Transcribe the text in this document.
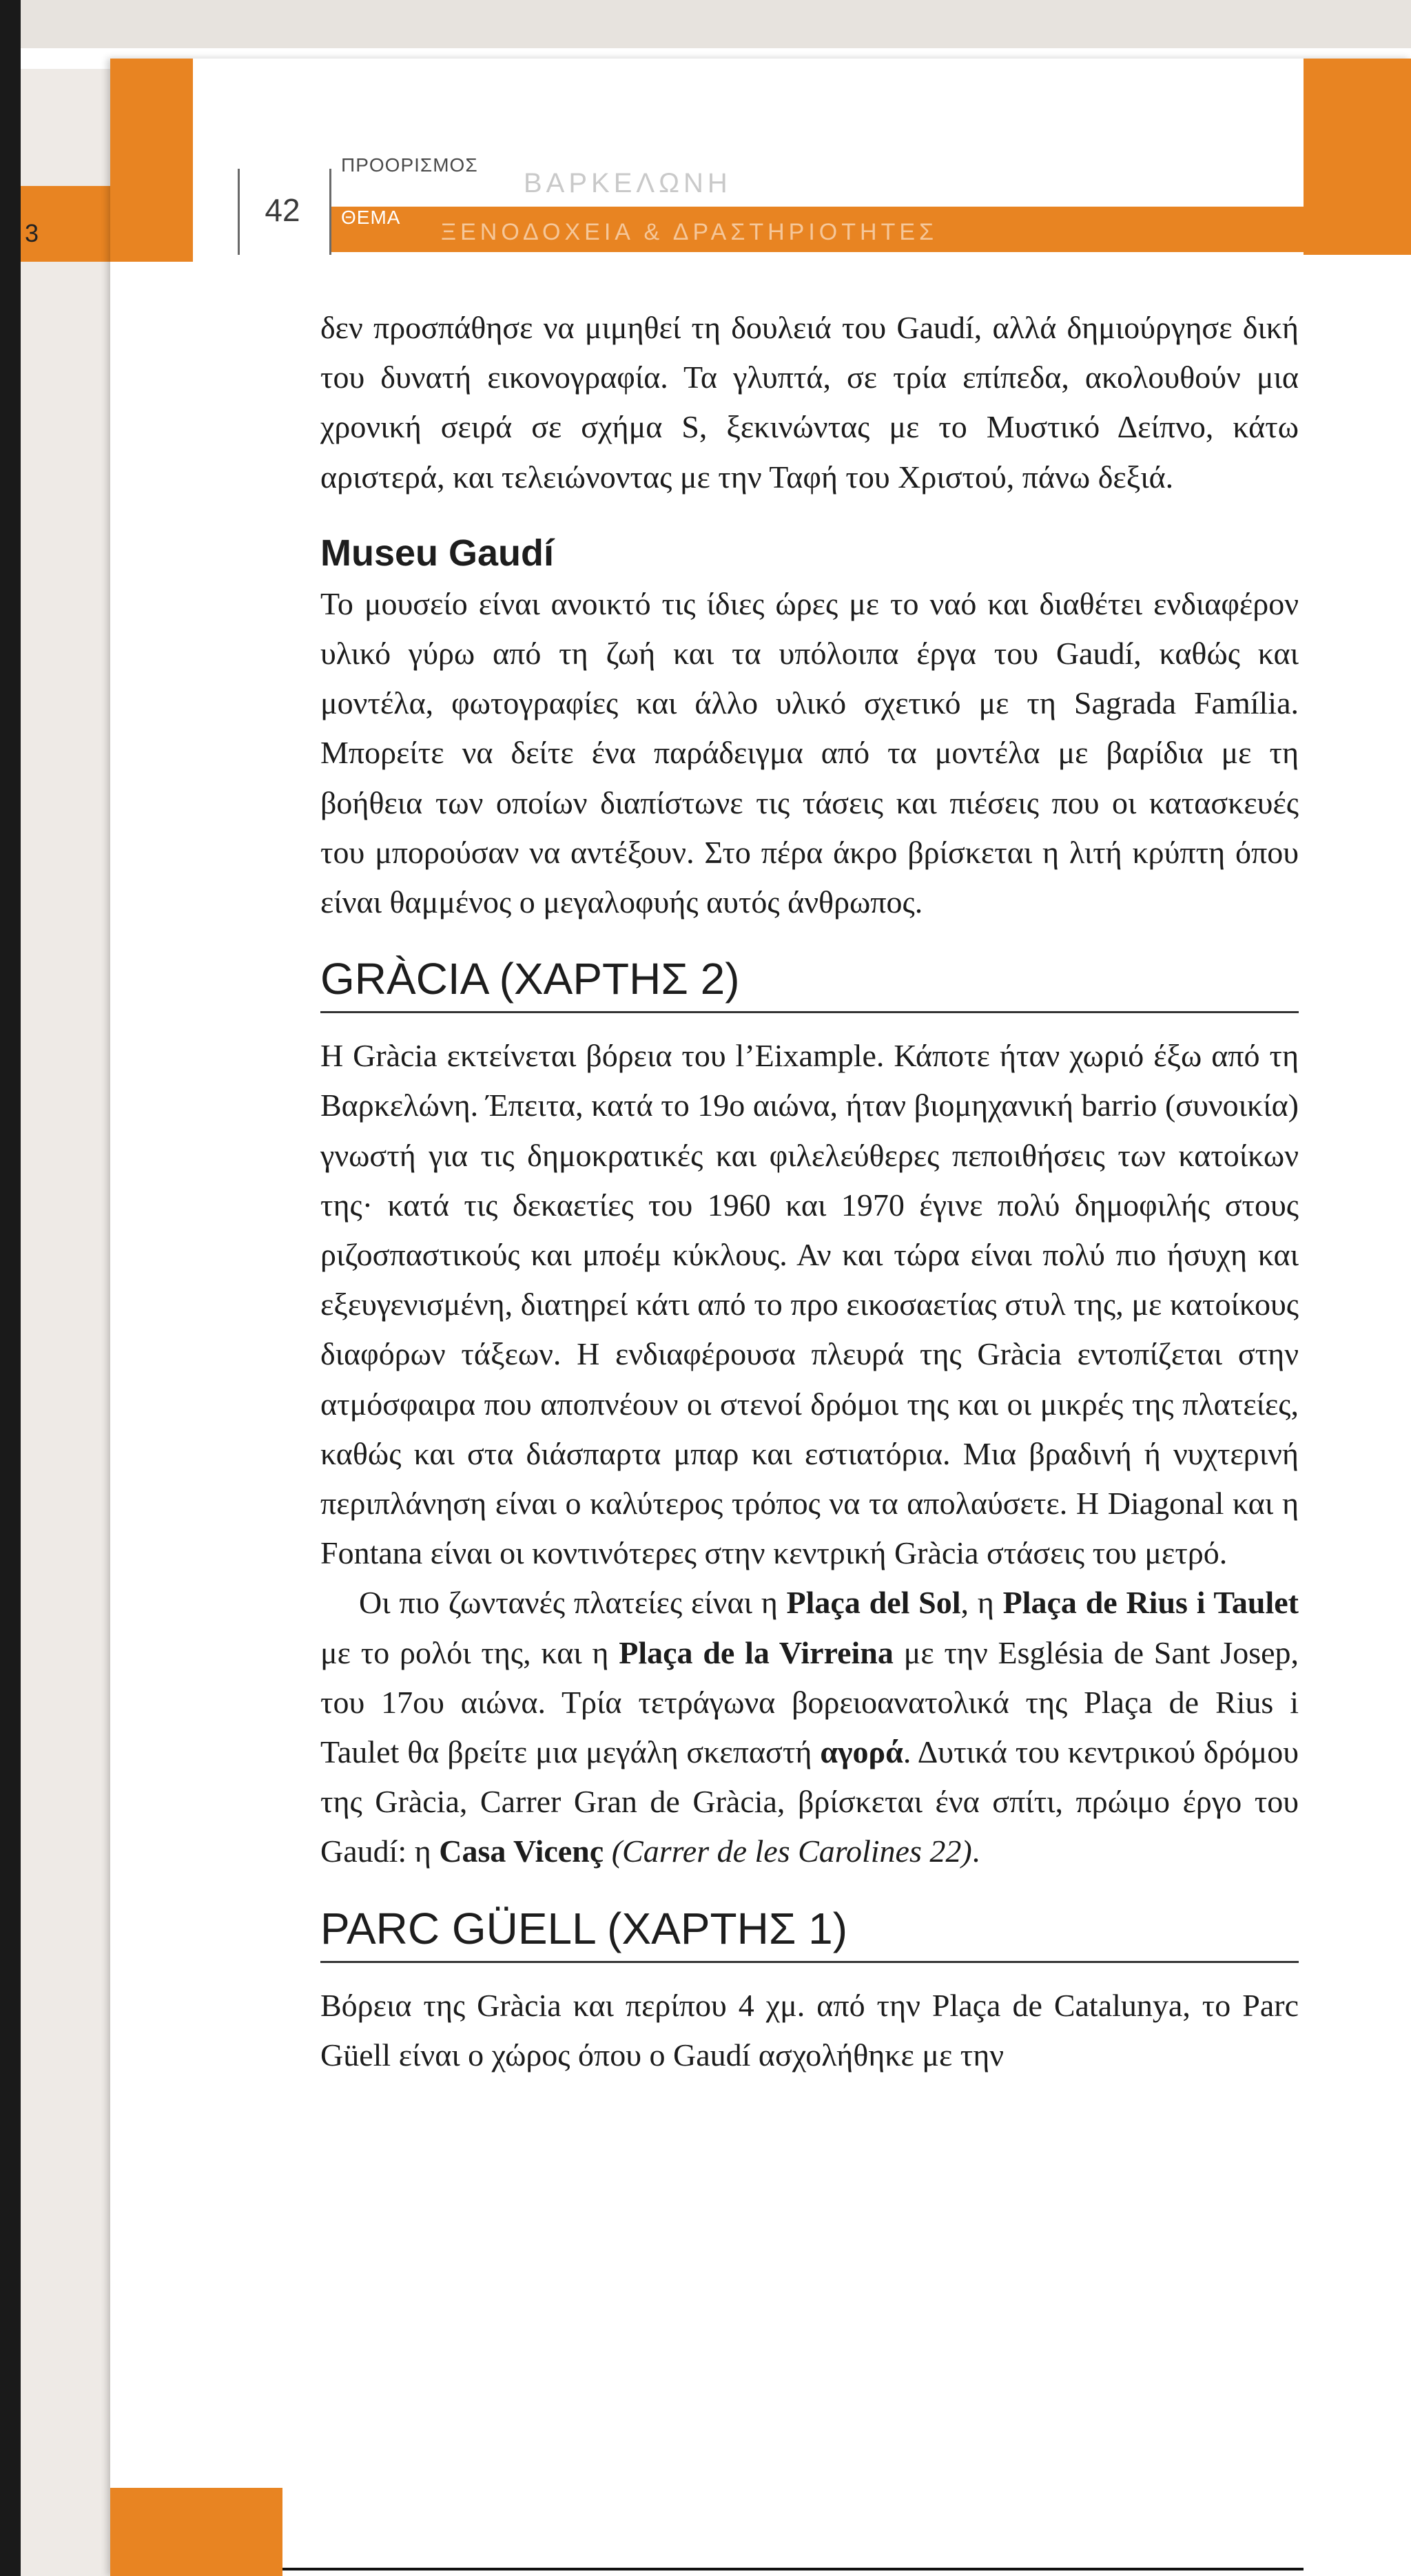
3
42
ΠΡΟΟΡΙΣΜΟΣ
ΘΕΜΑ
ΒΑΡΚΕΛΩΝΗ
ΞΕΝΟΔΟΧΕΙΑ & ΔΡΑΣΤΗΡΙΟΤΗΤΕΣ

δεν προσπάθησε να μιμηθεί τη δουλειά του Gaudí, αλλά δημιούργησε δική του δυνατή εικονογραφία. Τα γλυπτά, σε τρία επίπεδα, ακολουθούν μια χρονική σειρά σε σχήμα S, ξεκινώντας με το Μυστικό Δείπνο, κάτω αριστερά, και τελειώνοντας με την Ταφή του Χριστού, πάνω δεξιά.

Museu Gaudí

Το μουσείο είναι ανοικτό τις ίδιες ώρες με το ναό και διαθέτει ενδιαφέρον υλικό γύρω από τη ζωή και τα υπόλοιπα έργα του Gaudí, καθώς και μοντέλα, φωτογραφίες και άλλο υλικό σχετικό με τη Sagrada Família. Μπορείτε να δείτε ένα παράδειγμα από τα μοντέλα με βαρίδια με τη βοήθεια των οποίων διαπίστωνε τις τάσεις και πιέσεις που οι κατασκευές του μπορούσαν να αντέξουν. Στο πέρα άκρο βρίσκεται η λιτή κρύπτη όπου είναι θαμμένος ο μεγαλοφυής αυτός άνθρωπος.

GRÀCIA (ΧΑΡΤΗΣ 2)

Η Gràcia εκτείνεται βόρεια του l’Eixample. Κάποτε ήταν χωριό έξω από τη Βαρκελώνη. Έπειτα, κατά το 19ο αιώνα, ήταν βιομηχανική barrio (συνοικία) γνωστή για τις δημοκρατικές και φιλελεύθερες πεποιθήσεις των κατοίκων της· κατά τις δεκαετίες του 1960 και 1970 έγινε πολύ δημοφιλής στους ριζοσπαστικούς και μποέμ κύκλους. Αν και τώρα είναι πολύ πιο ήσυχη και εξευγενισμένη, διατηρεί κάτι από το προ εικοσαετίας στυλ της, με κατοίκους διαφόρων τάξεων. Η ενδιαφέρουσα πλευρά της Gràcia εντοπίζεται στην ατμόσφαιρα που αποπνέουν οι στενοί δρόμοι της και οι μικρές της πλατείες, καθώς και στα διάσπαρτα μπαρ και εστιατόρια. Μια βραδινή ή νυχτερινή περιπλάνηση είναι ο καλύτερος τρόπος να τα απολαύσετε. Η Diagonal και η Fontana είναι οι κοντινότερες στην κεντρική Gràcia στάσεις του μετρό.

Οι πιο ζωντανές πλατείες είναι η Plaça del Sol, η Plaça de Rius i Taulet με το ρολόι της, και η Plaça de la Virreina με την Església de Sant Josep, του 17ου αιώνα. Τρία τετράγωνα βορειοανατολικά της Plaça de Rius i Taulet θα βρείτε μια μεγάλη σκεπαστή αγορά. Δυτικά του κεντρικού δρόμου της Gràcia, Carrer Gran de Gràcia, βρίσκεται ένα σπίτι, πρώιμο έργο του Gaudí: η Casa Vicenç (Carrer de les Carolines 22).

PARC GÜELL (ΧΑΡΤΗΣ 1)

Βόρεια της Gràcia και περίπου 4 χμ. από την Plaça de Catalunya, το Parc Güell είναι ο χώρος όπου ο Gaudí ασχολήθηκε με την
